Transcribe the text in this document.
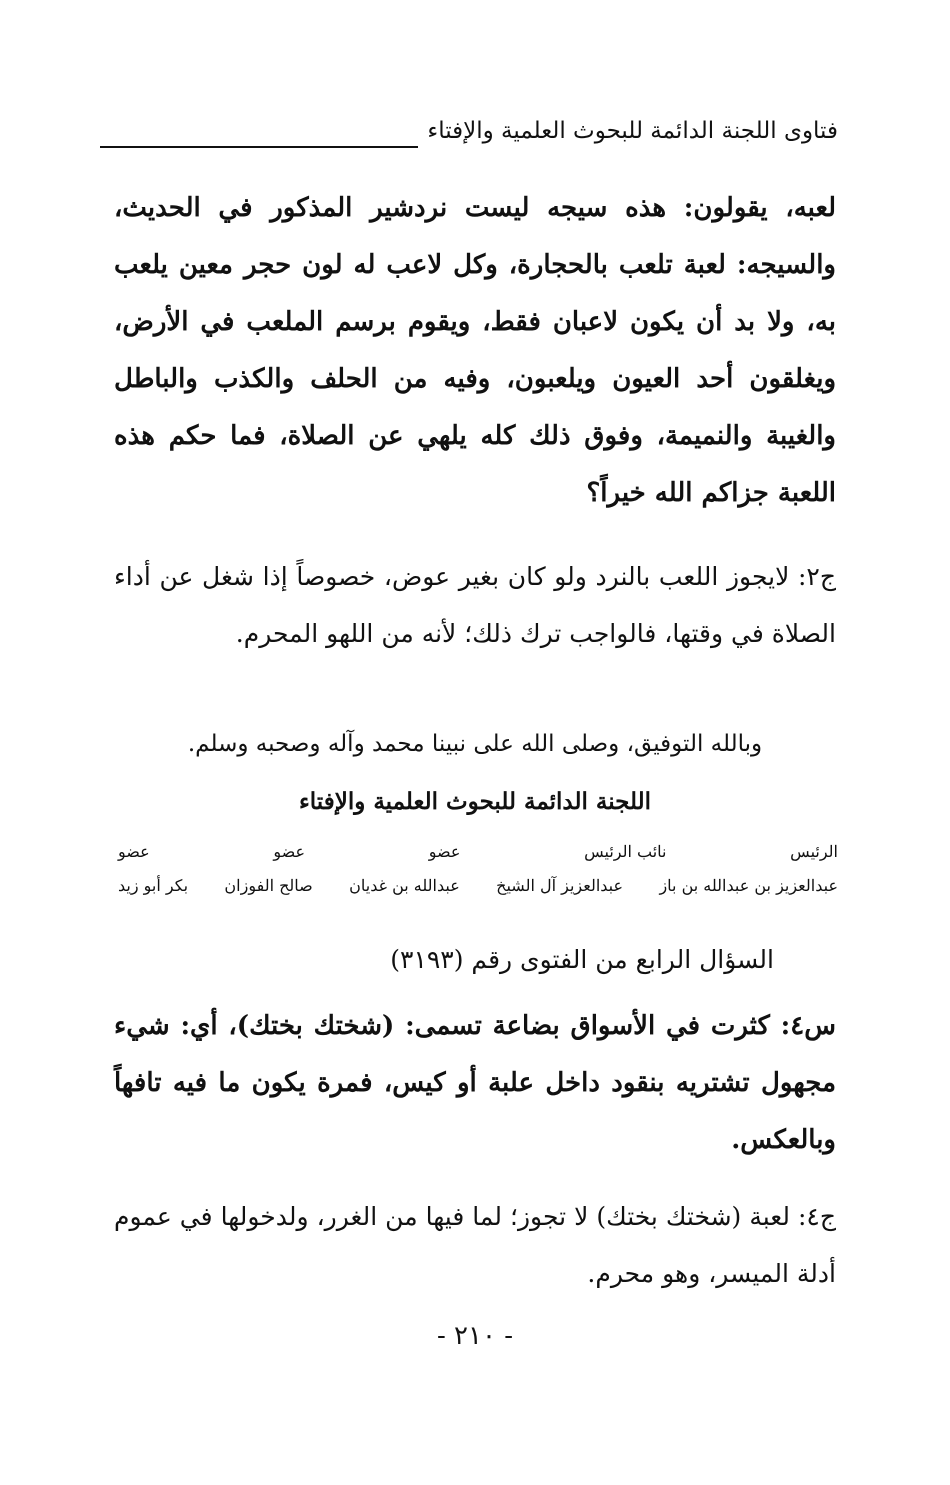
فتاوى اللجنة الدائمة للبحوث العلمية والإفتاء

لعبه، يقولون: هذه سيجه ليست نردشير المذكور في الحديث، والسيجه: لعبة تلعب بالحجارة، وكل لاعب له لون حجر معين يلعب به، ولا بد أن يكون لاعبان فقط، ويقوم برسم الملعب في الأرض، ويغلقون أحد العيون ويلعبون، وفيه من الحلف والكذب والباطل والغيبة والنميمة، وفوق ذلك كله يلهي عن الصلاة، فما حكم هذه اللعبة جزاكم الله خيراً؟

ج٢: لايجوز اللعب بالنرد ولو كان بغير عوض، خصوصاً إذا شغل عن أداء الصلاة في وقتها، فالواجب ترك ذلك؛ لأنه من اللهو المحرم.

وبالله التوفيق، وصلى الله على نبينا محمد وآله وصحبه وسلم.
اللجنة الدائمة للبحوث العلمية والإفتاء
الرئيس
نائب الرئيس
عضو
عضو
عضو
عبدالعزيز بن عبدالله بن باز
عبدالعزيز آل الشيخ
عبدالله بن غديان
صالح الفوزان
بكر أبو زيد
السؤال الرابع من الفتوى رقم (٣١٩٣)

س٤: كثرت في الأسواق بضاعة تسمى: (شختك بختك)، أي: شيء مجهول تشتريه بنقود داخل علبة أو كيس، فمرة يكون ما فيه تافهاً وبالعكس.

ج٤: لعبة (شختك بختك) لا تجوز؛ لما فيها من الغرر، ولدخولها في عموم أدلة الميسر، وهو محرم.

- ٢١٠ -
